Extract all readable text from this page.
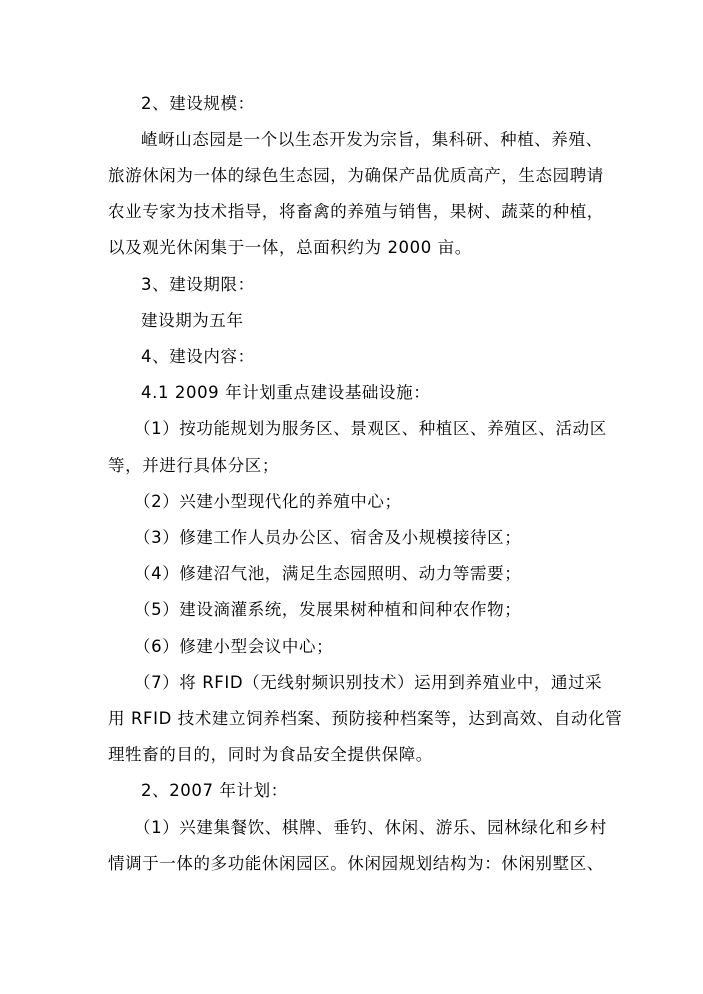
2、建设规模：
嵖岈山态园是一个以生态开发为宗旨，集科研、种植、养殖、
旅游休闲为一体的绿色生态园，为确保产品优质高产，生态园聘请
农业专家为技术指导，将畜禽的养殖与销售，果树、蔬菜的种植，
以及观光休闲集于一体，总面积约为 2000 亩。
3、建设期限：
建设期为五年
4、建设内容：
4.1 2009 年计划重点建设基础设施：
（1）按功能规划为服务区、景观区、种植区、养殖区、活动区
等，并进行具体分区；
（2）兴建小型现代化的养殖中心；
（3）修建工作人员办公区、宿舍及小规模接待区；
（4）修建沼气池，满足生态园照明、动力等需要；
（5）建设滴灌系统，发展果树种植和间种农作物；
（6）修建小型会议中心；
（7）将 RFID（无线射频识别技术）运用到养殖业中，通过采
用 RFID 技术建立饲养档案、预防接种档案等，达到高效、自动化管
理牲畜的目的，同时为食品安全提供保障。
2、2007 年计划：
（1）兴建集餐饮、棋牌、垂钓、休闲、游乐、园林绿化和乡村
情调于一体的多功能休闲园区。休闲园规划结构为：休闲别墅区、
